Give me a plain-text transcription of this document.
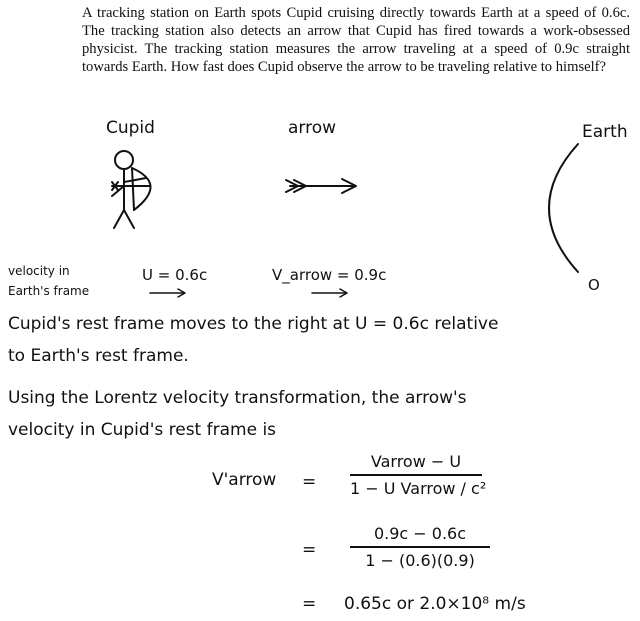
A tracking station on Earth spots Cupid cruising directly towards Earth at a speed of 0.6c. The tracking station also detects an arrow that Cupid has fired towards a work-obsessed physicist. The tracking station measures the arrow traveling at a speed of 0.9c straight towards Earth. How fast does Cupid observe the arrow to be traveling relative to himself?

Cupid	arrow	Earth
velocity in
Earth's frame
U = 0.6c	V_arrow = 0.9c
O
Cupid's rest frame moves to the right at U = 0.6c relative
to Earth's rest frame.
Using the Lorentz velocity transformation, the arrow's
velocity in Cupid's rest frame is
V'arrow =
Varrow − U
1 − U Varrow / c²
=
0.9c − 0.6c
1 − (0.6)(0.9)
= 0.65c or 2.0×10⁸ m/s
